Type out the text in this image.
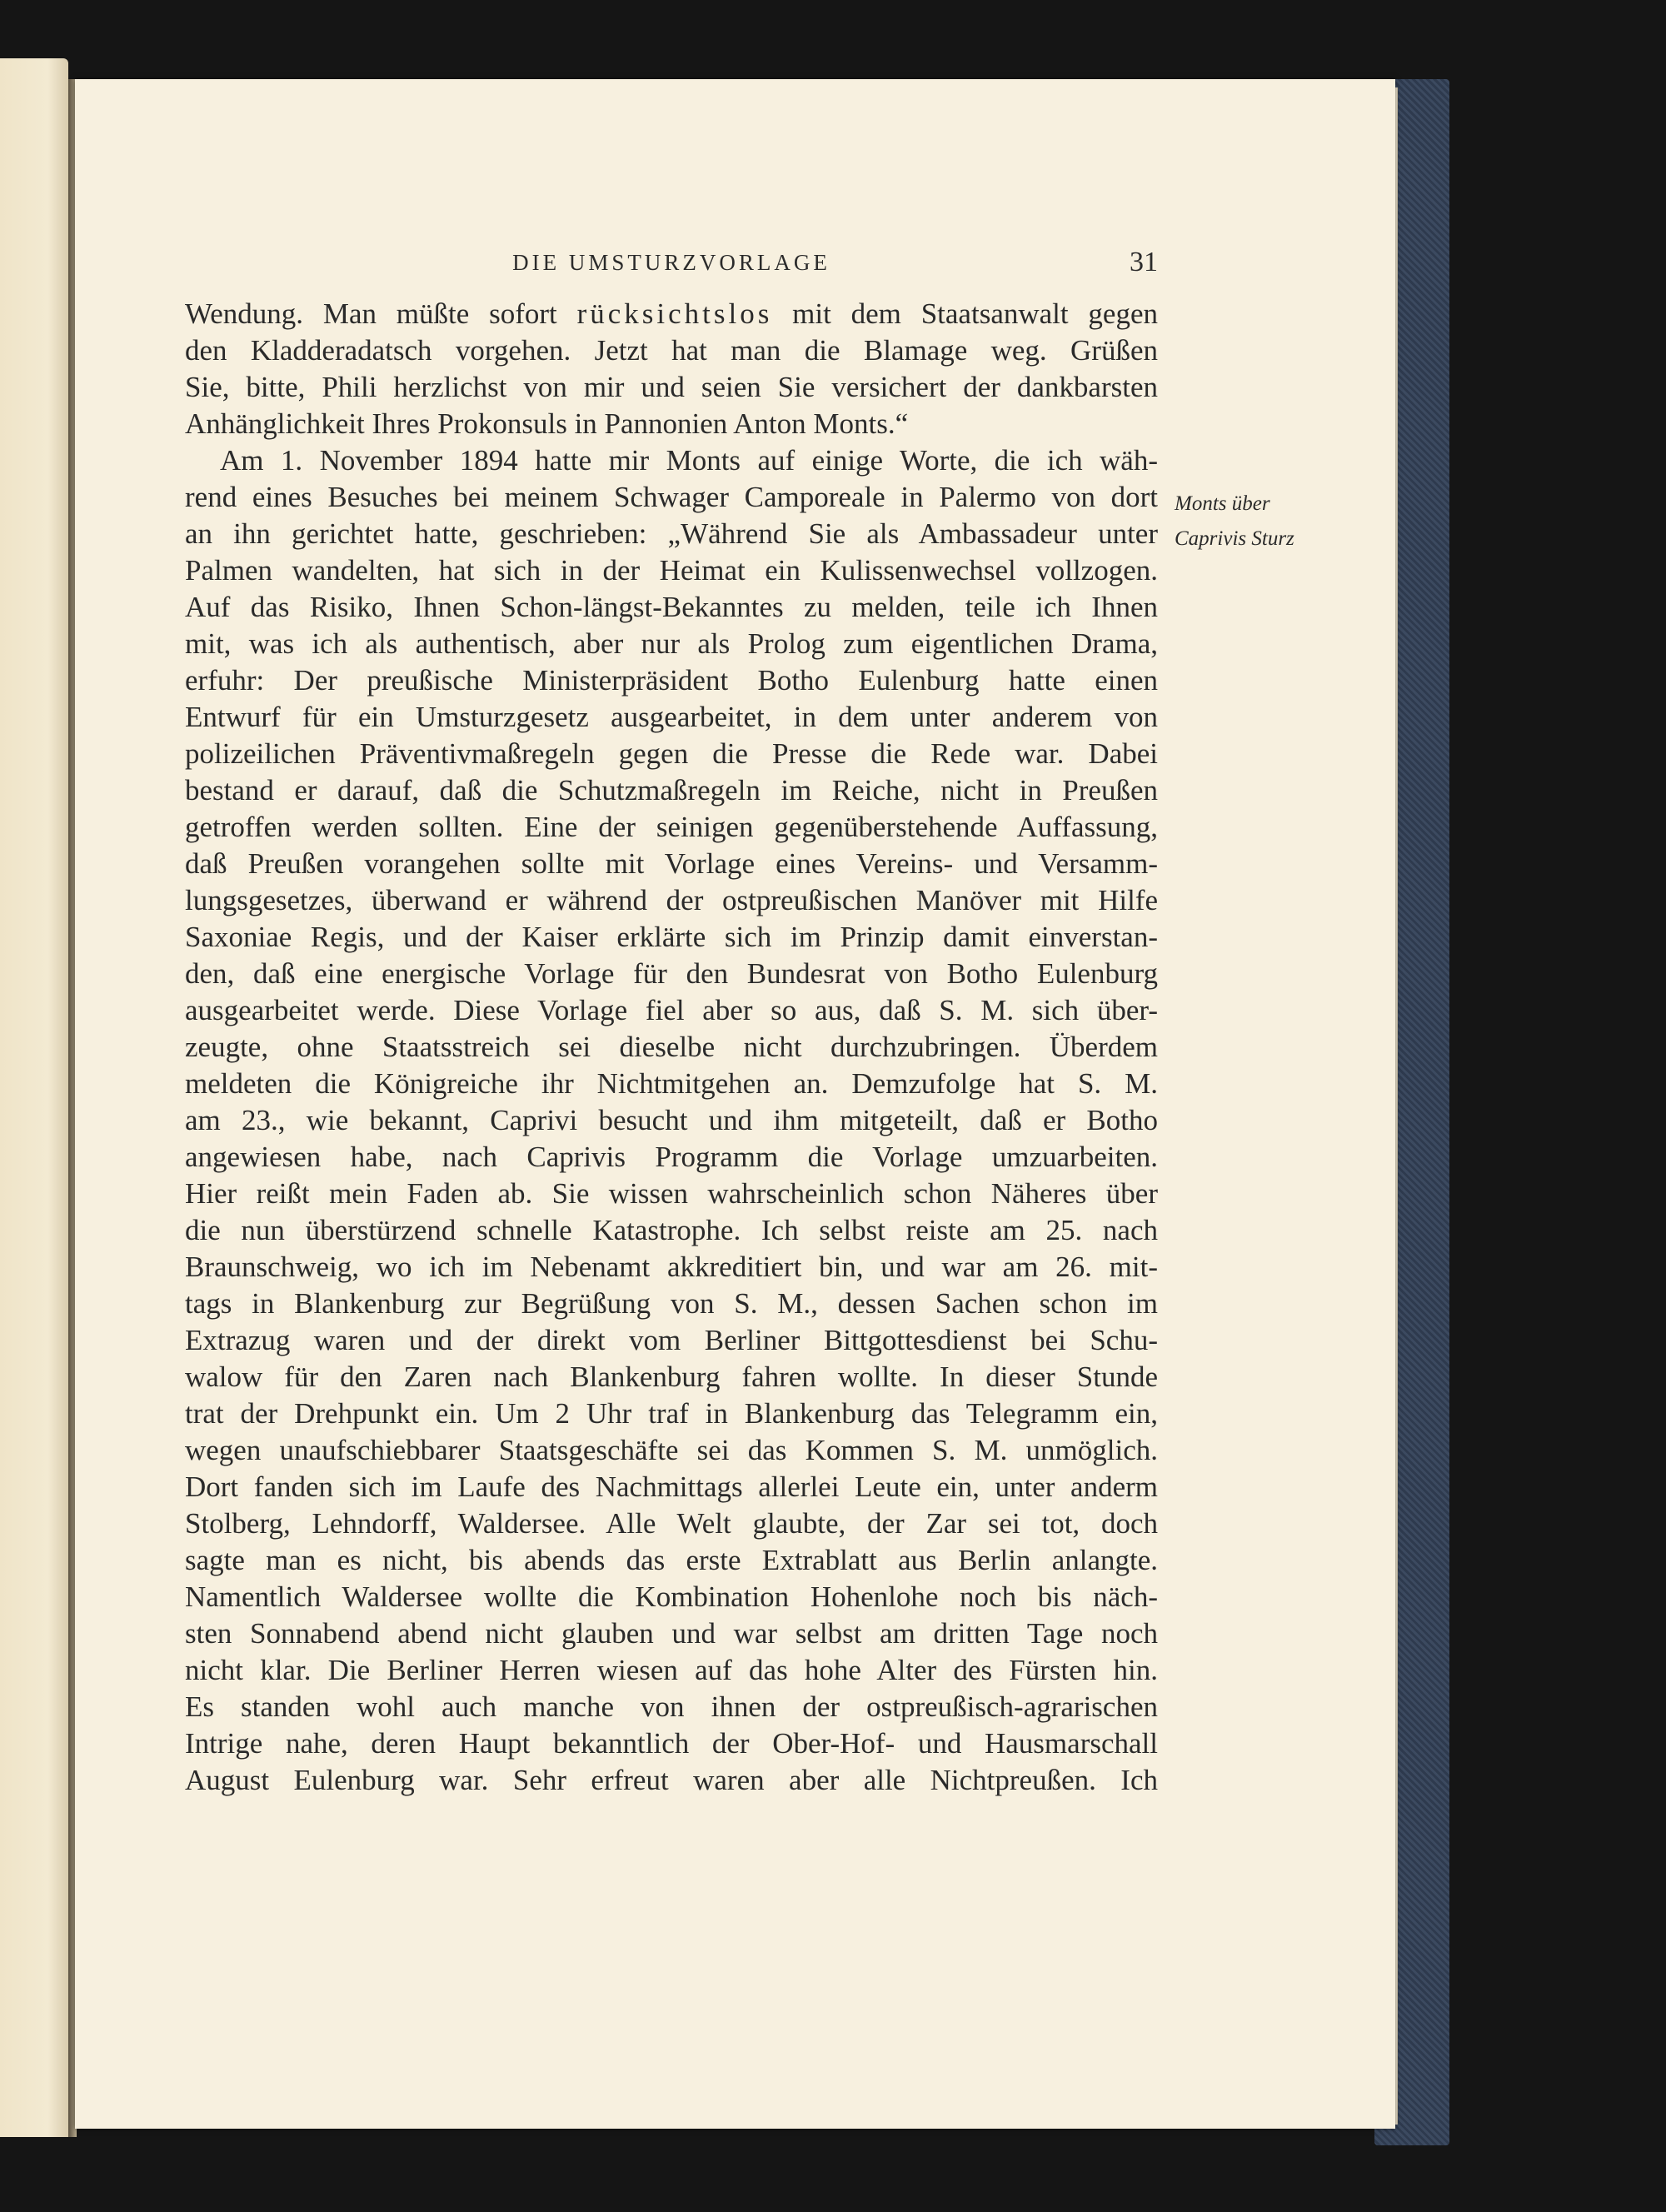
DIE UMSTURZVORLAGE	31
Monts über
Caprivis Sturz
Wendung. Man müßte sofort rücksichtslos mit dem Staatsanwalt gegen
den Kladderadatsch vorgehen. Jetzt hat man die Blamage weg. Grüßen
Sie, bitte, Phili herzlichst von mir und seien Sie versichert der dankbarsten
Anhänglichkeit Ihres Prokonsuls in Pannonien Anton Monts.“
Am 1. November 1894 hatte mir Monts auf einige Worte, die ich wäh-
rend eines Besuches bei meinem Schwager Camporeale in Palermo von dort
an ihn gerichtet hatte, geschrieben: „Während Sie als Ambassadeur unter
Palmen wandelten, hat sich in der Heimat ein Kulissenwechsel vollzogen.
Auf das Risiko, Ihnen Schon-längst-Bekanntes zu melden, teile ich Ihnen
mit, was ich als authentisch, aber nur als Prolog zum eigentlichen Drama,
erfuhr: Der preußische Ministerpräsident Botho Eulenburg hatte einen
Entwurf für ein Umsturzgesetz ausgearbeitet, in dem unter anderem von
polizeilichen Präventivmaßregeln gegen die Presse die Rede war. Dabei
bestand er darauf, daß die Schutzmaßregeln im Reiche, nicht in Preußen
getroffen werden sollten. Eine der seinigen gegenüberstehende Auffassung,
daß Preußen vorangehen sollte mit Vorlage eines Vereins- und Versamm-
lungsgesetzes, überwand er während der ostpreußischen Manöver mit Hilfe
Saxoniae Regis, und der Kaiser erklärte sich im Prinzip damit einverstan-
den, daß eine energische Vorlage für den Bundesrat von Botho Eulenburg
ausgearbeitet werde. Diese Vorlage fiel aber so aus, daß S. M. sich über-
zeugte, ohne Staatsstreich sei dieselbe nicht durchzubringen. Überdem
meldeten die Königreiche ihr Nichtmitgehen an. Demzufolge hat S. M.
am 23., wie bekannt, Caprivi besucht und ihm mitgeteilt, daß er Botho
angewiesen habe, nach Caprivis Programm die Vorlage umzuarbeiten.
Hier reißt mein Faden ab. Sie wissen wahrscheinlich schon Näheres über
die nun überstürzend schnelle Katastrophe. Ich selbst reiste am 25. nach
Braunschweig, wo ich im Nebenamt akkreditiert bin, und war am 26. mit-
tags in Blankenburg zur Begrüßung von S. M., dessen Sachen schon im
Extrazug waren und der direkt vom Berliner Bittgottesdienst bei Schu-
walow für den Zaren nach Blankenburg fahren wollte. In dieser Stunde
trat der Drehpunkt ein. Um 2 Uhr traf in Blankenburg das Telegramm ein,
wegen unaufschiebbarer Staatsgeschäfte sei das Kommen S. M. unmöglich.
Dort fanden sich im Laufe des Nachmittags allerlei Leute ein, unter anderm
Stolberg, Lehndorff, Waldersee. Alle Welt glaubte, der Zar sei tot, doch
sagte man es nicht, bis abends das erste Extrablatt aus Berlin anlangte.
Namentlich Waldersee wollte die Kombination Hohenlohe noch bis näch-
sten Sonnabend abend nicht glauben und war selbst am dritten Tage noch
nicht klar. Die Berliner Herren wiesen auf das hohe Alter des Fürsten hin.
Es standen wohl auch manche von ihnen der ostpreußisch-agrarischen
Intrige nahe, deren Haupt bekanntlich der Ober-Hof- und Hausmarschall
August Eulenburg war. Sehr erfreut waren aber alle Nichtpreußen. Ich
